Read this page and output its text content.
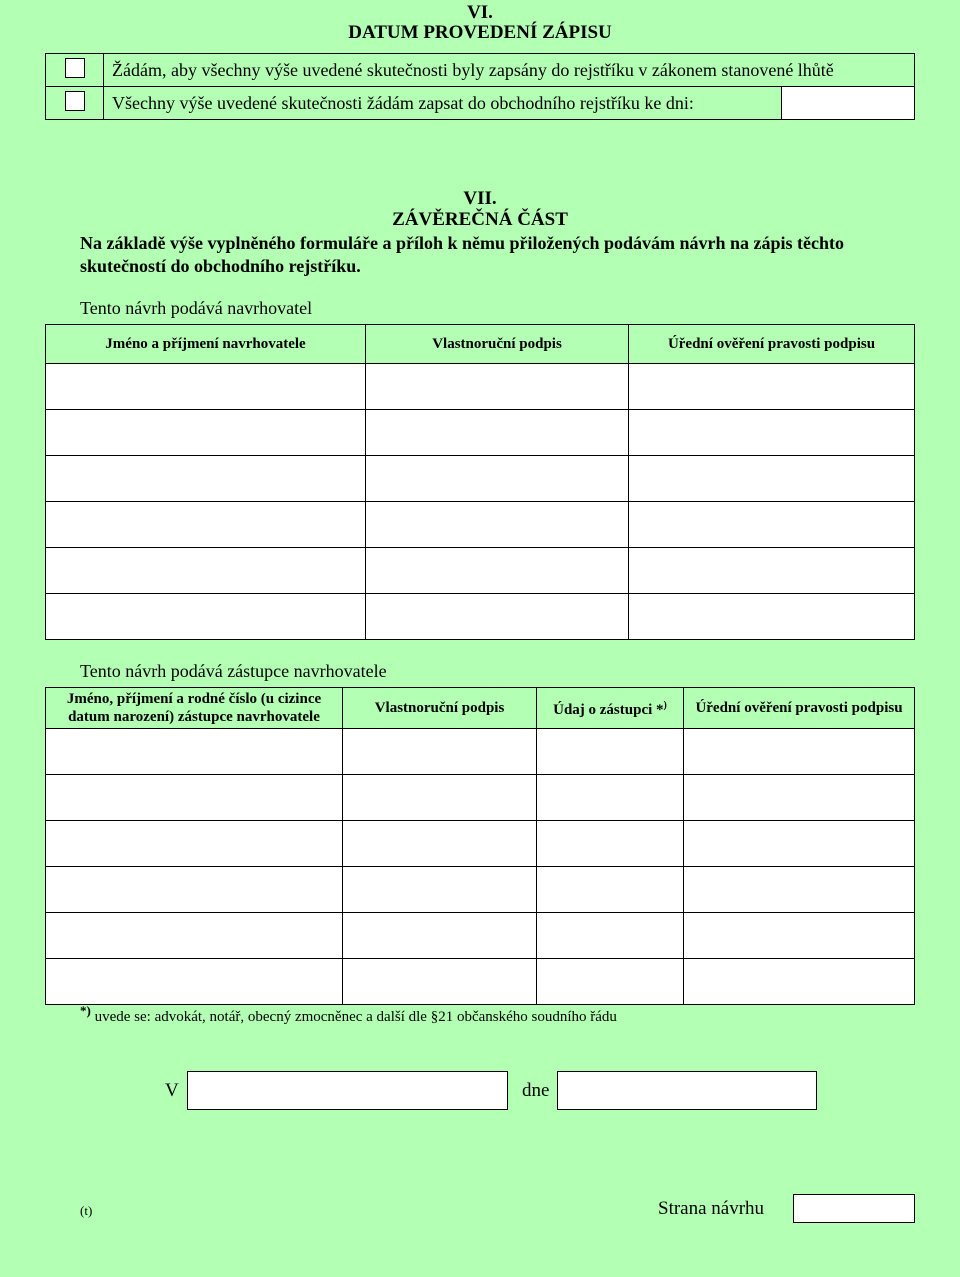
VI.
DATUM PROVEDENÍ ZÁPISU
	Žádám, aby všechny výše uvedené skutečnosti byly zapsány do rejstříku v zákonem stanovené lhůtě	
	Všechny výše uvedené skutečnosti žádám zapsat do obchodního rejstříku ke dni:	
VII.
ZÁVĚREČNÁ ČÁST
Na základě výše vyplněného formuláře a příloh k němu přiložených podávám návrh na zápis těchto skutečností do obchodního rejstříku.
Tento návrh podává navrhovatel
Jméno a příjmení navrhovatele	Vlastnoruční podpis	Úřední ověření pravosti podpisu

Tento návrh podává zástupce navrhovatele
Jméno, příjmení a rodné číslo (u cizince datum narození) zástupce navrhovatele	Vlastnoruční podpis	Údaj o zástupci *)	Úřední ověření pravosti podpisu

*) uvede se: advokát, notář, obecný zmocněnec a další dle §21 občanského soudního řádu
V	dne
(t)	Strana návrhu
